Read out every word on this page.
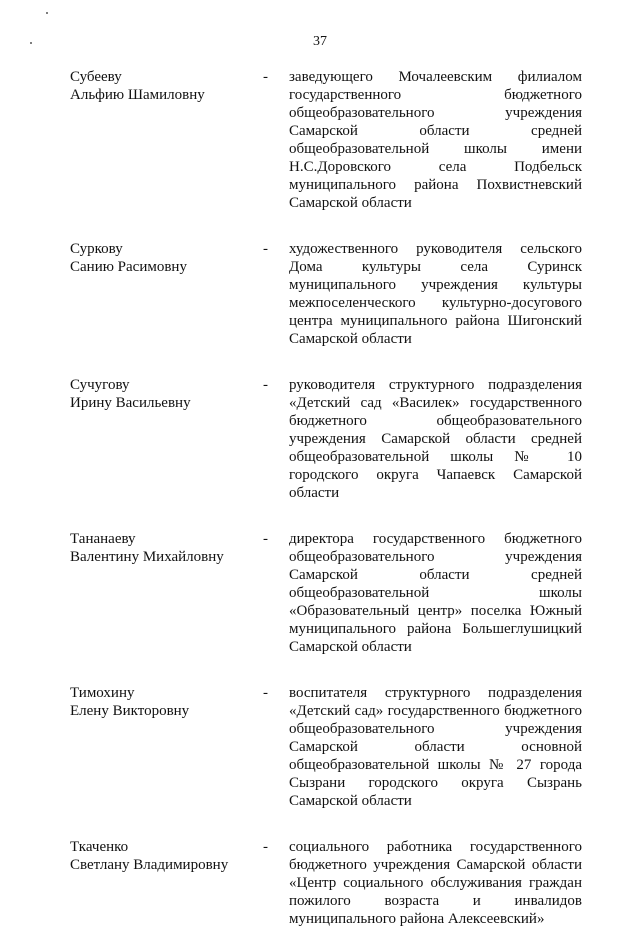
37
Субееву
Альфию Шамиловну
-	заведующего Мочалеевским филиалом государственного бюджетного общеобразовательного учреждения Самарской области средней общеобразовательной школы имени Н.С.Доровского села Подбельск муниципального района Похвистневский Самарской области
Суркову
Санию Расимовну
-	художественного руководителя сельского Дома культуры села Суринск муниципального учреждения культуры межпоселенческого культурно-досугового центра муниципального района Шигонский Самарской области
Сучугову
Ирину Васильевну
-	руководителя структурного подразделения «Детский сад «Василек» государственного бюджетного общеобразовательного учреждения Самарской области средней общеобразовательной школы № 10 городского округа Чапаевск Самарской области
Тананаеву
Валентину Михайловну
-	директора государственного бюджетного общеобразовательного учреждения Самарской области средней общеобразовательной школы «Образовательный центр» поселка Южный муниципального района Большеглушицкий Самарской области
Тимохину
Елену Викторовну
-	воспитателя структурного подразделения «Детский сад» государственного бюджетного общеобразовательного учреждения Самарской области основной общеобразовательной школы № 27 города Сызрани городского округа Сызрань Самарской области
Ткаченко
Светлану Владимировну
-	социального работника государственного бюджетного учреждения Самарской области «Центр социального обслуживания граждан пожилого возраста и инвалидов муниципального района Алексеевский»
